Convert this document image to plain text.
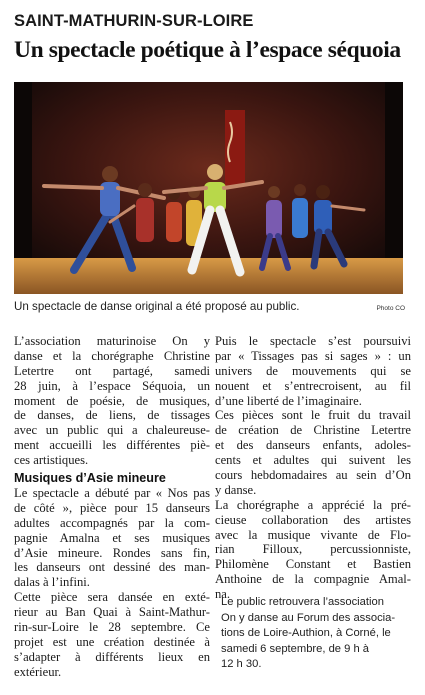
SAINT-MATHURIN-SUR-LOIRE
Un spectacle poétique à l’espace séquoia
Un spectacle de danse original a été proposé au public.	Photo CO
L’association maturinoise On y
danse et la chorégraphe Christine
Letertre ont partagé, samedi
28 juin, à l’espace Séquoia, un
moment de poésie, de musiques,
de danses, de liens, de tissages
avec un public qui a chaleureuse-
ment accueilli les différentes piè-
ces artistiques.
Musiques d’Asie mineure
Le spectacle a débuté par « Nos pas
de côté », pièce pour 15 danseurs
adultes accompagnés par la com-
pagnie Amalna et ses musiques
d’Asie mineure. Rondes sans fin,
les danseurs ont dessiné des man-
dalas à l’infini.
Cette pièce sera dansée en exté-
rieur au Ban Quai à Saint-Mathur-
rin-sur-Loire le 28 septembre. Ce
projet est une création destinée à
s’adapter à différents lieux en
extérieur.
Puis le spectacle s’est poursuivi
par « Tissages pas si sages » : un
univers de mouvements qui se
nouent et s’entrecroisent, au fil
d’une liberté de l’imaginaire.
Ces pièces sont le fruit du travail
de création de Christine Letertre
et des danseurs enfants, adoles-
cents et adultes qui suivent les
cours hebdomadaires au sein d’On
y danse.
La chorégraphe a apprécié la pré-
cieuse collaboration des artistes
avec la musique vivante de Flo-
rian Filloux, percussionniste,
Philomène Constant et Bastien
Anthoine de la compagnie Amal-
na.
Le public retrouvera l’association
On y danse au Forum des associa-
tions de Loire-Authion, à Corné, le
samedi 6 septembre, de 9 h à
12 h 30.
